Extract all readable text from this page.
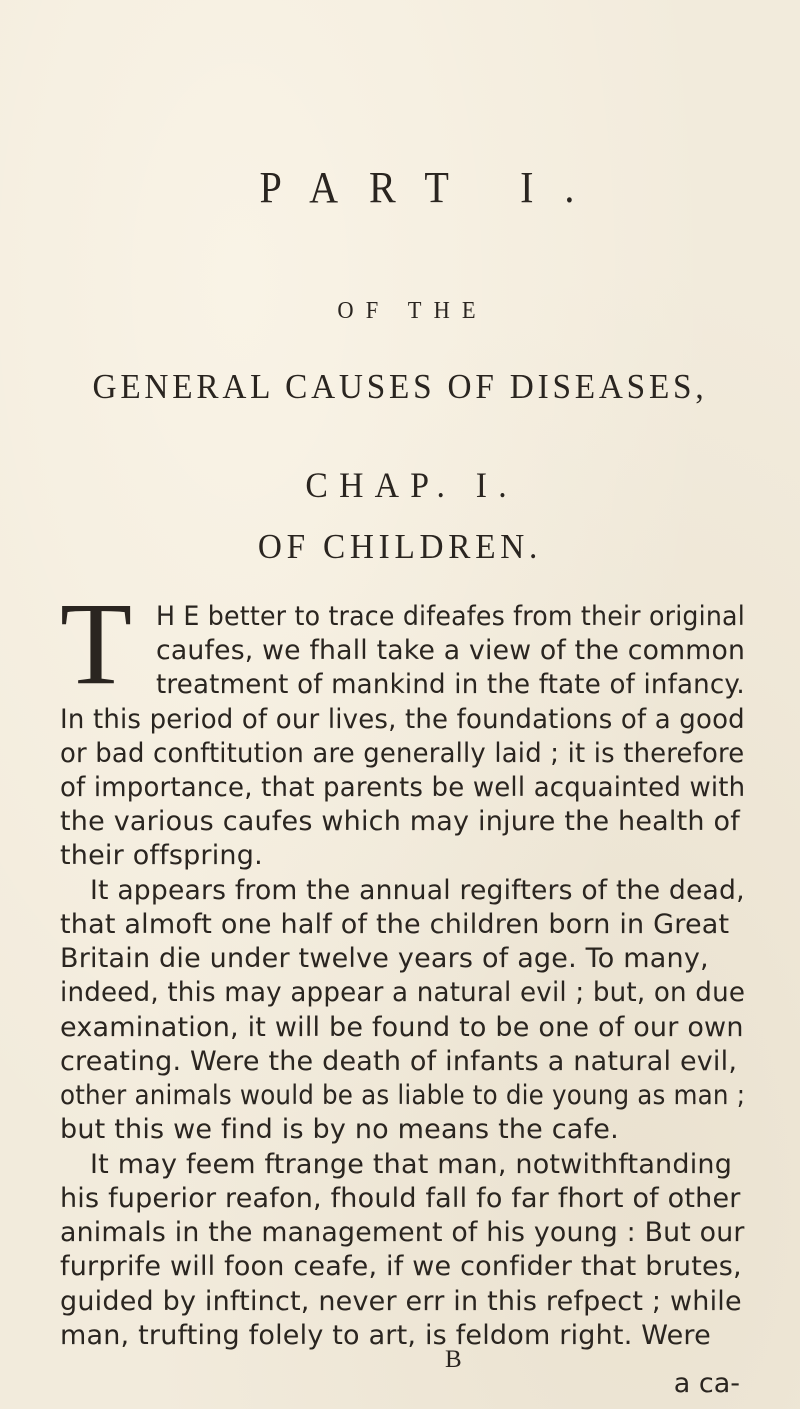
PART I.
OF THE
GENERAL CAUSES OF DISEASES,
CHAP. I.
OF CHILDREN.
T H E better to trace difeafes from their original
caufes, we fhall take a view of the common
treatment of mankind in the ftate of infancy.
In this period of our lives, the foundations of a good
or bad conftitution are generally laid ; it is therefore
of importance, that parents be well acquainted with
the various caufes which may injure the health of
their offspring.
It appears from the annual regifters of the dead,
that almoft one half of the children born in Great
Britain die under twelve years of age. To many,
indeed, this may appear a natural evil ; but, on due
examination, it will be found to be one of our own
creating. Were the death of infants a natural evil,
other animals would be as liable to die young as man ;
but this we find is by no means the cafe.
It may feem ftrange that man, notwithftanding
his fuperior reafon, fhould fall fo far fhort of other
animals in the management of his young : But our
furprife will foon ceafe, if we confider that brutes,
guided by inftinct, never err in this refpect ; while
man, trufting folely to art, is feldom right. Were
B
a ca-
